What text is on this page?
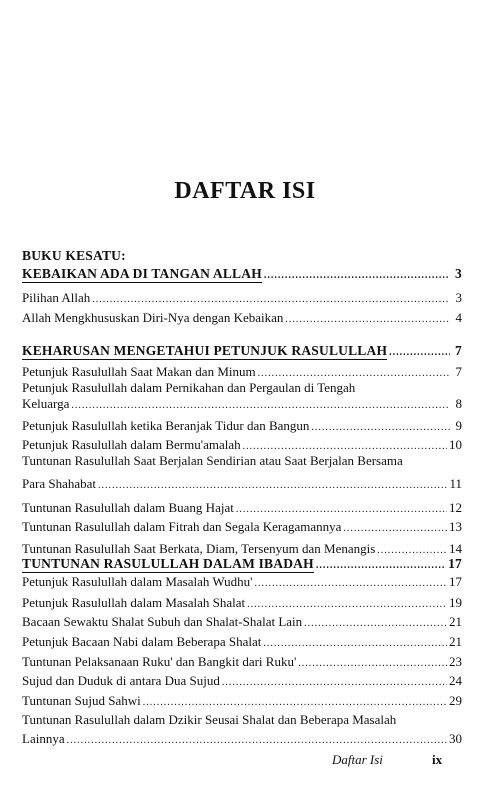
DAFTAR ISI
BUKU KESATU:
KEBAIKAN ADA DI TANGAN ALLAH .....	3
Pilihan Allah .....	3
Allah Mengkhususkan Diri-Nya dengan Kebaikan .....	4
KEHARUSAN MENGETAHUI PETUNJUK RASULULLAH .....	7
Petunjuk Rasulullah Saat Makan dan Minum .....	7
Petunjuk Rasulullah dalam Pernikahan dan Pergaulan di Tengah
Keluarga .....	8
Petunjuk Rasulullah ketika Beranjak Tidur dan Bangun .....	9
Petunjuk Rasulullah dalam Bermu'amalah .....	10
Tuntunan Rasulullah Saat Berjalan Sendirian atau Saat Berjalan Bersama
Para Shahabat .....	11
Tuntunan Rasulullah dalam Buang Hajat .....	12
Tuntunan Rasulullah dalam Fitrah dan Segala Keragamannya .....	13
Tuntunan Rasulullah Saat Berkata, Diam, Tersenyum dan Menangis .....	14
TUNTUNAN RASULULLAH DALAM IBADAH .....	17
Petunjuk Rasulullah dalam Masalah Wudhu' .....	17
Petunjuk Rasulullah dalam Masalah Shalat .....	19
Bacaan Sewaktu Shalat Subuh dan Shalat-Shalat Lain .....	21
Petunjuk Bacaan Nabi dalam Beberapa Shalat .....	21
Tuntunan Pelaksanaan Ruku' dan Bangkit dari Ruku' .....	23
Sujud dan Duduk di antara Dua Sujud .....	24
Tuntunan Sujud Sahwi .....	29
Tuntunan Rasulullah dalam Dzikir Seusai Shalat dan Beberapa Masalah
Lainnya .....	30
Daftar Isi	ix
